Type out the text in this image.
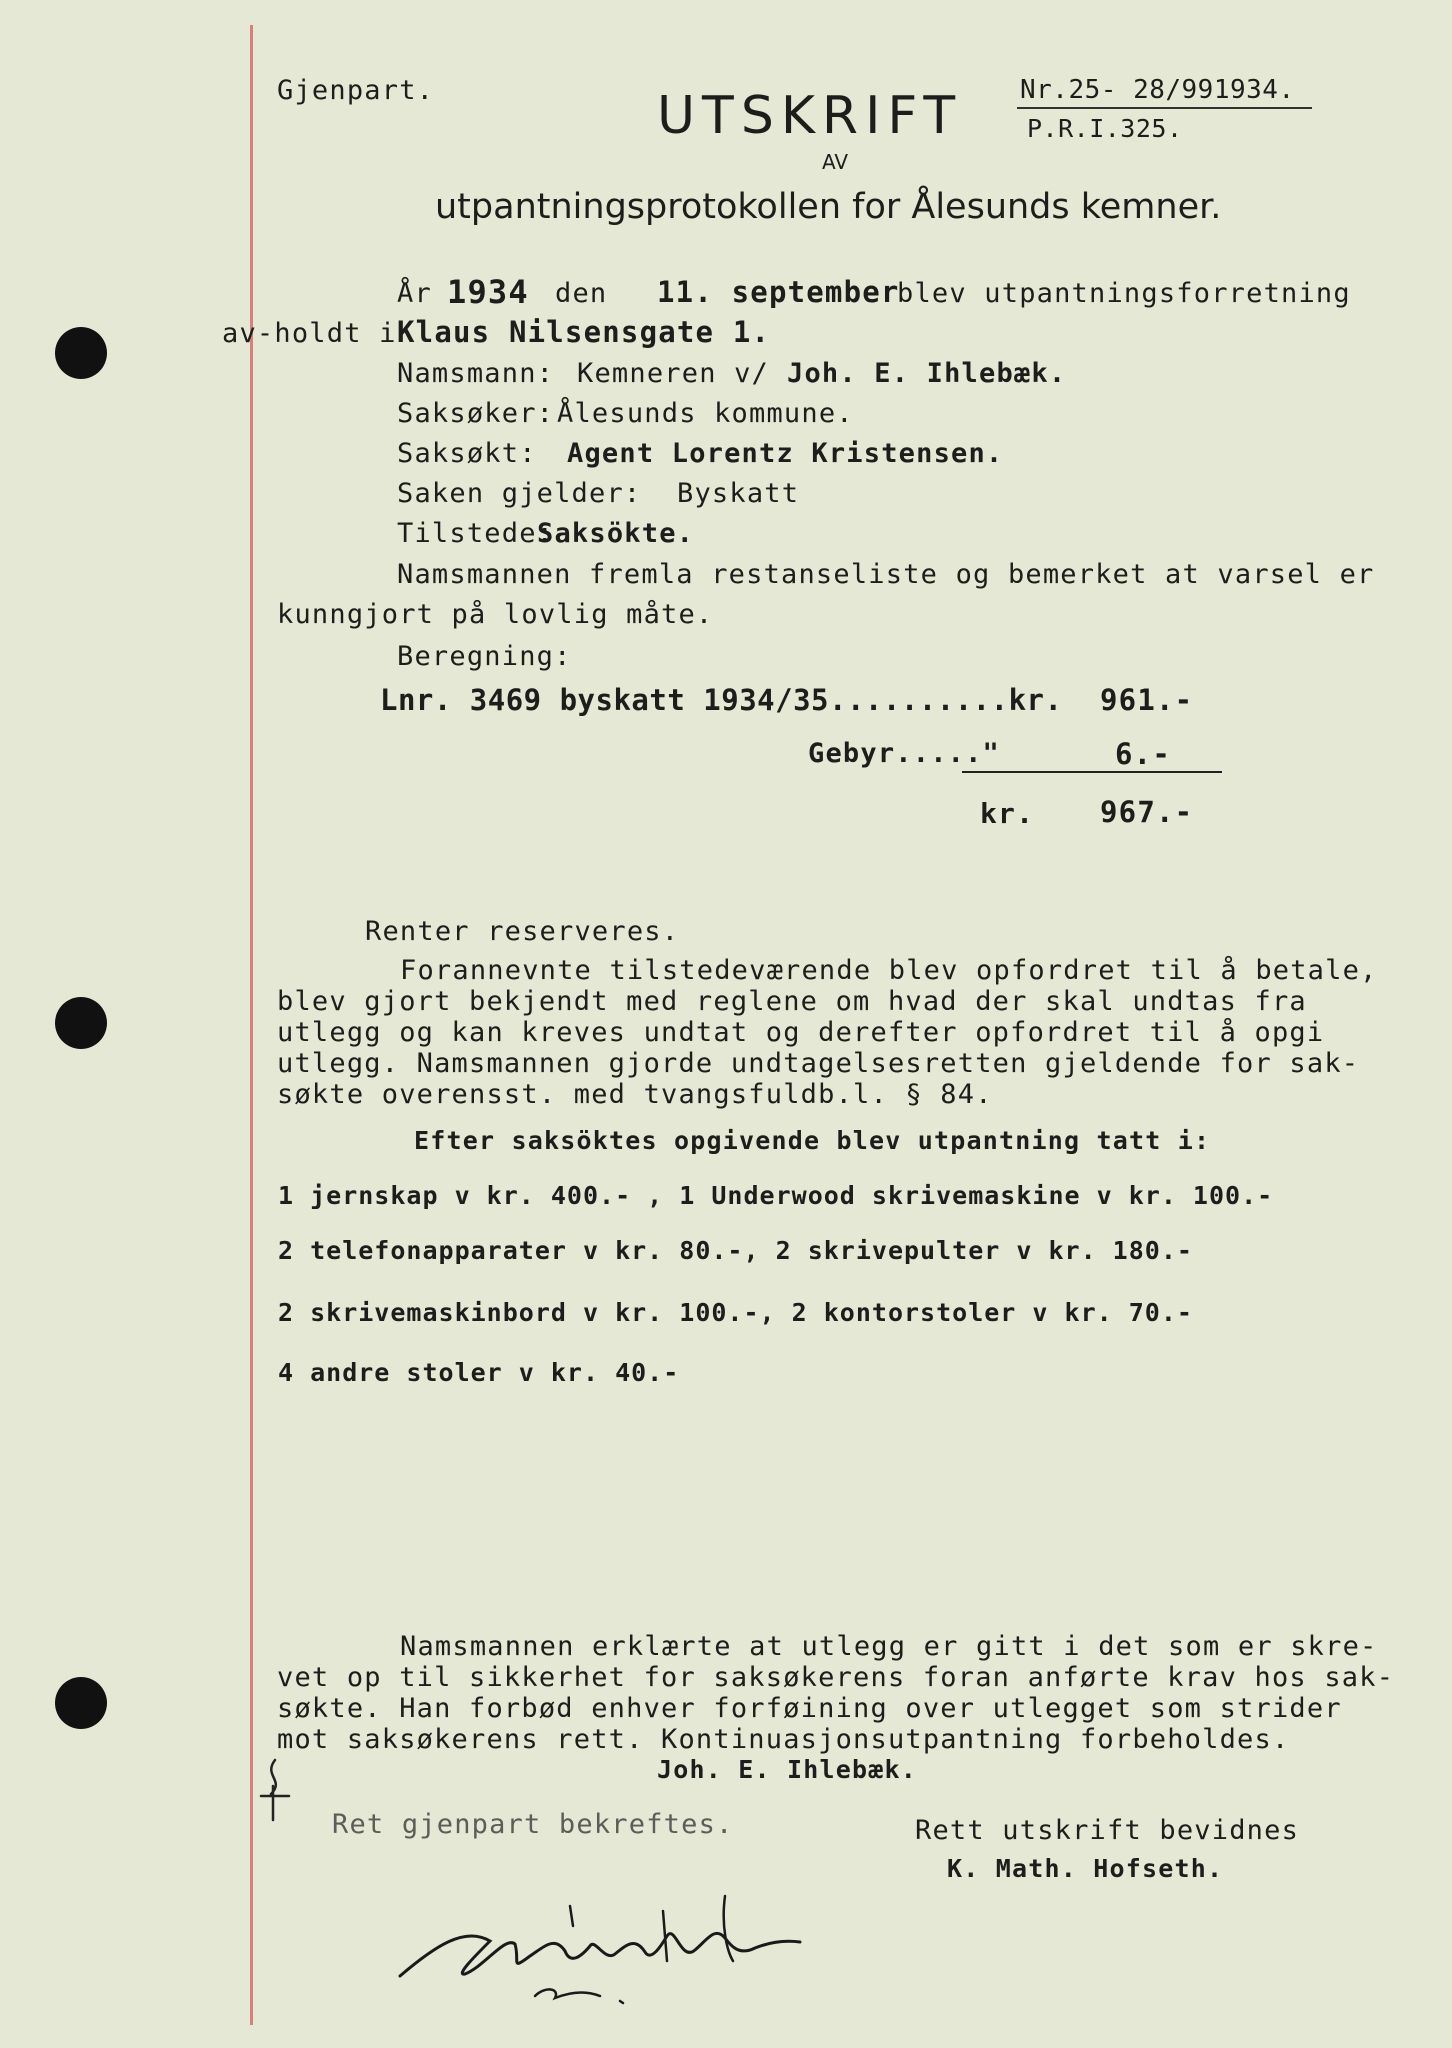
Gjenpart.	UTSKRIFT
AV
utpantningsprotokollen for Ålesunds kemner.
Nr.25- 28/991934.
P.R.I.325.
År 1934 den 11. september
blev utpantningsforretning
av-holdt i Klaus Nilsensgate 1.
Namsmann: Kemneren v/ Joh. E. Ihlebæk.
Saksøker: Ålesunds kommune.
Saksøkt: Agent Lorentz Kristensen.
Saken gjelder: Byskatt
Tilstede:
Saksökte.
Namsmannen fremla restanseliste og bemerket at varsel er
kunngjort på lovlig måte.
Beregning:
Lnr. 3469 byskatt 1934/35..........kr. 961.-
Gebyr....."	6.-
kr. 967.-
Renter reserveres.
Forannevnte tilstedeværende blev opfordret til å betale,
blev gjort bekjendt med reglene om hvad der skal undtas fra
utlegg og kan kreves undtat og derefter opfordret til å opgi
utlegg. Namsmannen gjorde undtagelsesretten gjeldende for sak-
søkte overensst. med tvangsfuldb.l. § 84.
Efter saksöktes opgivende blev utpantning tatt i:
1 jernskap v kr. 400.- , 1 Underwood skrivemaskine v kr. 100.-
2 telefonapparater v kr. 80.-, 2 skrivepulter v kr. 180.-
2 skrivemaskinbord v kr. 100.-, 2 kontorstoler v kr. 70.-
4 andre stoler v kr. 40.-
Namsmannen erklærte at utlegg er gitt i det som er skre-
vet op til sikkerhet for saksøkerens foran anførte krav hos sak-
søkte. Han forbød enhver forføining over utlegget som strider
mot saksøkerens rett. Kontinuasjonsutpantning forbeholdes.
Joh. E. Ihlebæk.
Ret gjenpart bekreftes.	Rett utskrift bevidnes
K. Math. Hofseth.
